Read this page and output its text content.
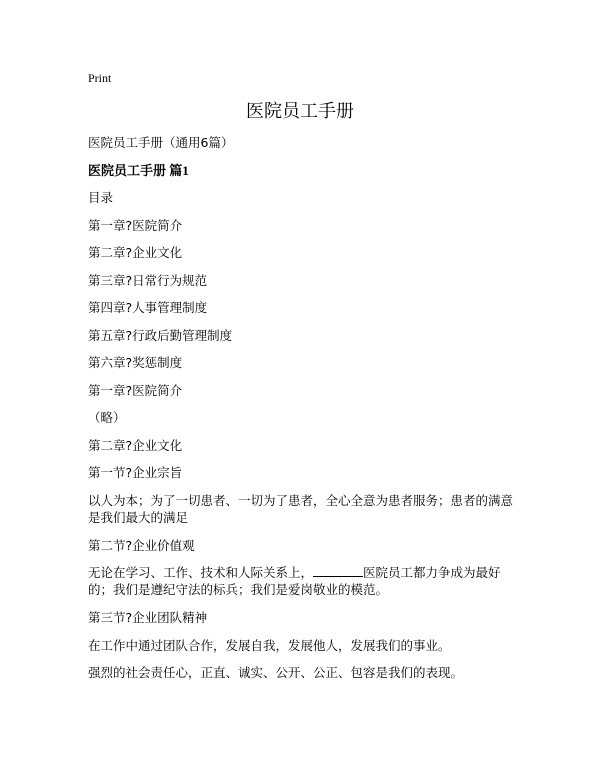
Print
医院员工手册

医院员工手册（通用6篇）

医院员工手册 篇1

目录

第一章?医院简介

第二章?企业文化

第三章?日常行为规范

第四章?人事管理制度

第五章?行政后勤管理制度

第六章?奖惩制度

第一章?医院简介

（略）

第二章?企业文化

第一节?企业宗旨

以人为本；为了一切患者、一切为了患者，全心全意为患者服务；患者的满意是我们最大的满足

第二节?企业价值观

无论在学习、工作、技术和人际关系上，	医院员工都力争成为最好的；我们是遵纪守法的标兵；我们是爱岗敬业的模范。

第三节?企业团队精神

在工作中通过团队合作，发展自我，发展他人，发展我们的事业。

强烈的社会责任心，正直、诚实、公开、公正、包容是我们的表现。
